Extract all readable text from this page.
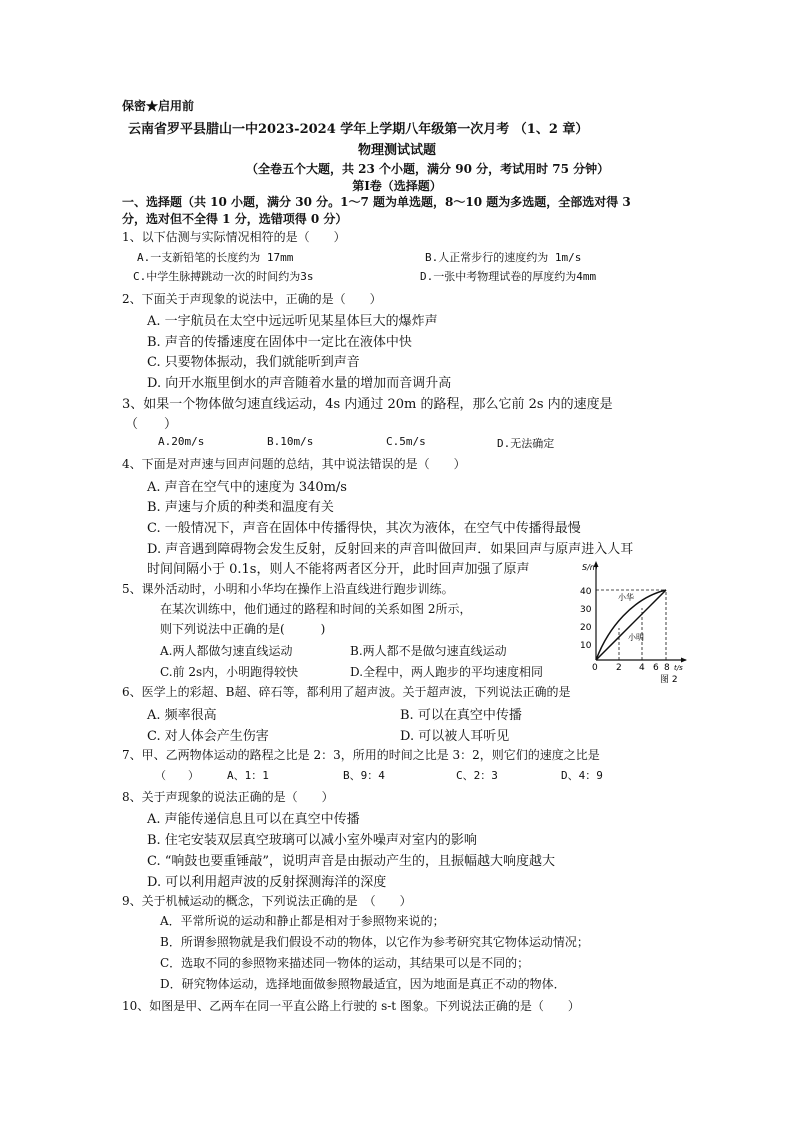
保密★启用前
云南省罗平县腊山一中2023-2024 学年上学期八年级第一次月考 （1、2 章）
物理测试试题
（全卷五个大题，共 23 个小题，满分 90 分，考试用时 75 分钟）
第Ⅰ卷（选择题）
一、选择题（共 10 小题，满分 30 分。1～7 题为单选题，8～10 题为多选题，全部选对得 3
分，选对但不全得 1 分，选错项得 0 分）
1、以下估测与实际情况相符的是（　　）
A.一支新铅笔的长度约为 17mm	B.人正常步行的速度约为 1m/s
C.中学生脉搏跳动一次的时间约为3s	D.一张中考物理试卷的厚度约为4mm
2、下面关于声现象的说法中，正确的是（　　）
A. 一宇航员在太空中远远听见某星体巨大的爆炸声
B. 声音的传播速度在固体中一定比在液体中快
C. 只要物体振动，我们就能听到声音
D. 向开水瓶里倒水的声音随着水量的增加而音调升高
3、如果一个物体做匀速直线运动，4s 内通过 20m 的路程，那么它前 2s 内的速度是
（　　）
A.20m/s	B.10m/s	C.5m/s	D.无法确定
4、下面是对声速与回声问题的总结，其中说法错误的是（　　）
A. 声音在空气中的速度为 340m/s
B. 声速与介质的种类和温度有关
C. 一般情况下，声音在固体中传播得快，其次为液体，在空气中传播得最慢
D. 声音遇到障碍物会发生反射，反射回来的声音叫做回声．如果回声与原声进入人耳
时间间隔小于 0.1s，则人不能将两者区分开，此时回声加强了原声
5、课外活动时，小明和小华均在操作上沿直线进行跑步训练。
在某次训练中，他们通过的路程和时间的关系如图 2所示，
则下列说法中正确的是(　　　)
A.两人都做匀速直线运动	B.两人都不是做匀速直线运动
C.前 2s内，小明跑得较快	D.全程中，两人跑步的平均速度相同
S/m
40
30
20
10
0 2 4 6 8 t/s
小华
小明
图 2
6、医学上的彩超、B超、碎石等，都利用了超声波。关于超声波，下列说法正确的是
A. 频率很高	B. 可以在真空中传播
C. 对人体会产生伤害	D. 可以被人耳听见
7、甲、乙两物体运动的路程之比是 2：3，所用的时间之比是 3：2，则它们的速度之比是
（　　）	A、1：1	B、9：4	C、2：3	D、4：9
8、关于声现象的说法正确的是（　　）
A. 声能传递信息且可以在真空中传播
B. 住宅安装双层真空玻璃可以减小室外噪声对室内的影响
C. “响鼓也要重锤敲”，说明声音是由振动产生的，且振幅越大响度越大
D. 可以利用超声波的反射探测海洋的深度
9、关于机械运动的概念，下列说法正确的是　（　　）
A．平常所说的运动和静止都是相对于参照物来说的；
B．所谓参照物就是我们假设不动的物体，以它作为参考研究其它物体运动情况；
C．选取不同的参照物来描述同一物体的运动，其结果可以是不同的；
D．研究物体运动，选择地面做参照物最适宜，因为地面是真正不动的物体．
10、如图是甲、乙两车在同一平直公路上行驶的 s-t 图象。下列说法正确的是（　　）
